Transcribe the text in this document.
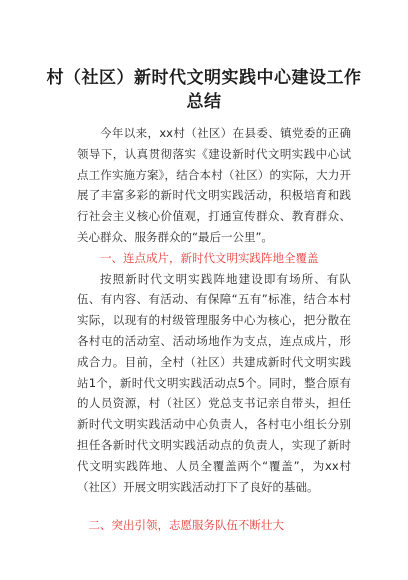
村（社区）新时代文明实践中心建设工作总结

今年以来，xx村（社区）在县委、镇党委的正确领导下，认真贯彻落实《建设新时代文明实践中心试点工作实施方案》，结合本村（社区）的实际，大力开展了丰富多彩的新时代文明实践活动，积极培育和践行社会主义核心价值观，打通宣传群众、教育群众、关心群众、服务群众的“最后一公里”。

一、连点成片，新时代文明实践阵地全覆盖

按照新时代文明实践阵地建设即有场所、有队伍、有内容、有活动、有保障“五有”标准，结合本村实际，以现有的村级管理服务中心为核心，把分散在各村屯的活动室、活动场地作为支点，连点成片，形成合力。目前，全村（社区）共建成新时代文明实践站1个，新时代文明实践活动点5个。同时，整合原有的人员资源，村（社区）党总支书记亲自带头，担任新时代文明实践活动中心负责人，各村屯小组长分别担任各新时代文明实践活动点的负责人，实现了新时代文明实践阵地、人员全覆盖两个“覆盖”，为xx村（社区）开展文明实践活动打下了良好的基础。

二、突出引领，志愿服务队伍不断壮大
